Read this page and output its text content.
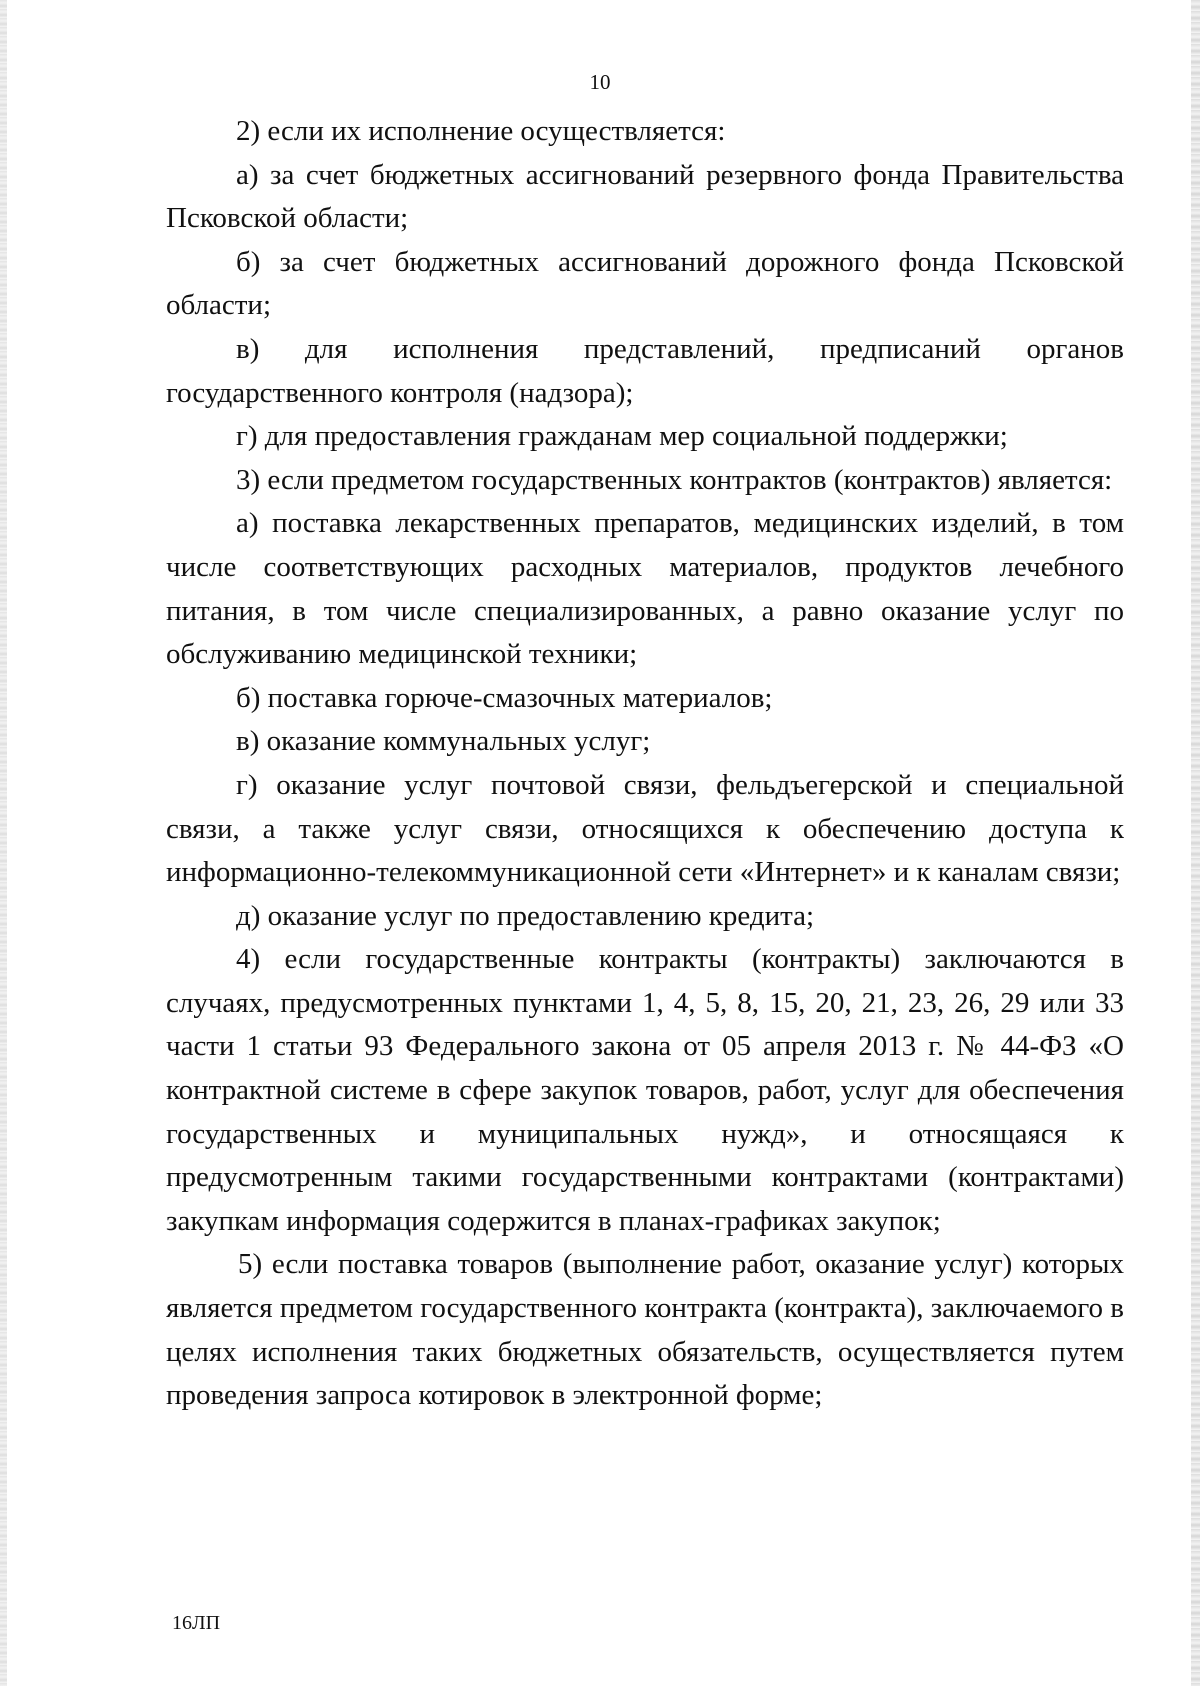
10

2) если их исполнение осуществляется:

а) за счет бюджетных ассигнований резервного фонда Правительства Псковской области;

б) за счет бюджетных ассигнований дорожного фонда Псковской области;

в) для исполнения представлений, предписаний органов государственного контроля (надзора);

г) для предоставления гражданам мер социальной поддержки;

3) если предметом государственных контрактов (контрактов) является:

а) поставка лекарственных препаратов, медицинских изделий, в том числе соответствующих расходных материалов, продуктов лечебного питания, в том числе специализированных, а равно оказание услуг по обслуживанию медицинской техники;

б) поставка горюче-смазочных материалов;

в) оказание коммунальных услуг;

г) оказание услуг почтовой связи, фельдъегерской и специальной связи, а также услуг связи, относящихся к обеспечению доступа к информационно-телекоммуникационной сети «Интернет» и к каналам связи;

д) оказание услуг по предоставлению кредита;

4) если государственные контракты (контракты) заключаются в случаях, предусмотренных пунктами 1, 4, 5, 8, 15, 20, 21, 23, 26, 29 или 33 части 1 статьи 93 Федерального закона от 05 апреля 2013 г. № 44-ФЗ «О контрактной системе в сфере закупок товаров, работ, услуг для обеспечения государственных и муниципальных нужд», и относящаяся к предусмотренным такими государственными контрактами (контрактами) закупкам информация содержится в планах-графиках закупок;

5) если поставка товаров (выполнение работ, оказание услуг) которых является предметом государственного контракта (контракта), заключаемого в целях исполнения таких бюджетных обязательств, осуществляется путем проведения запроса котировок в электронной форме;

16ЛП
